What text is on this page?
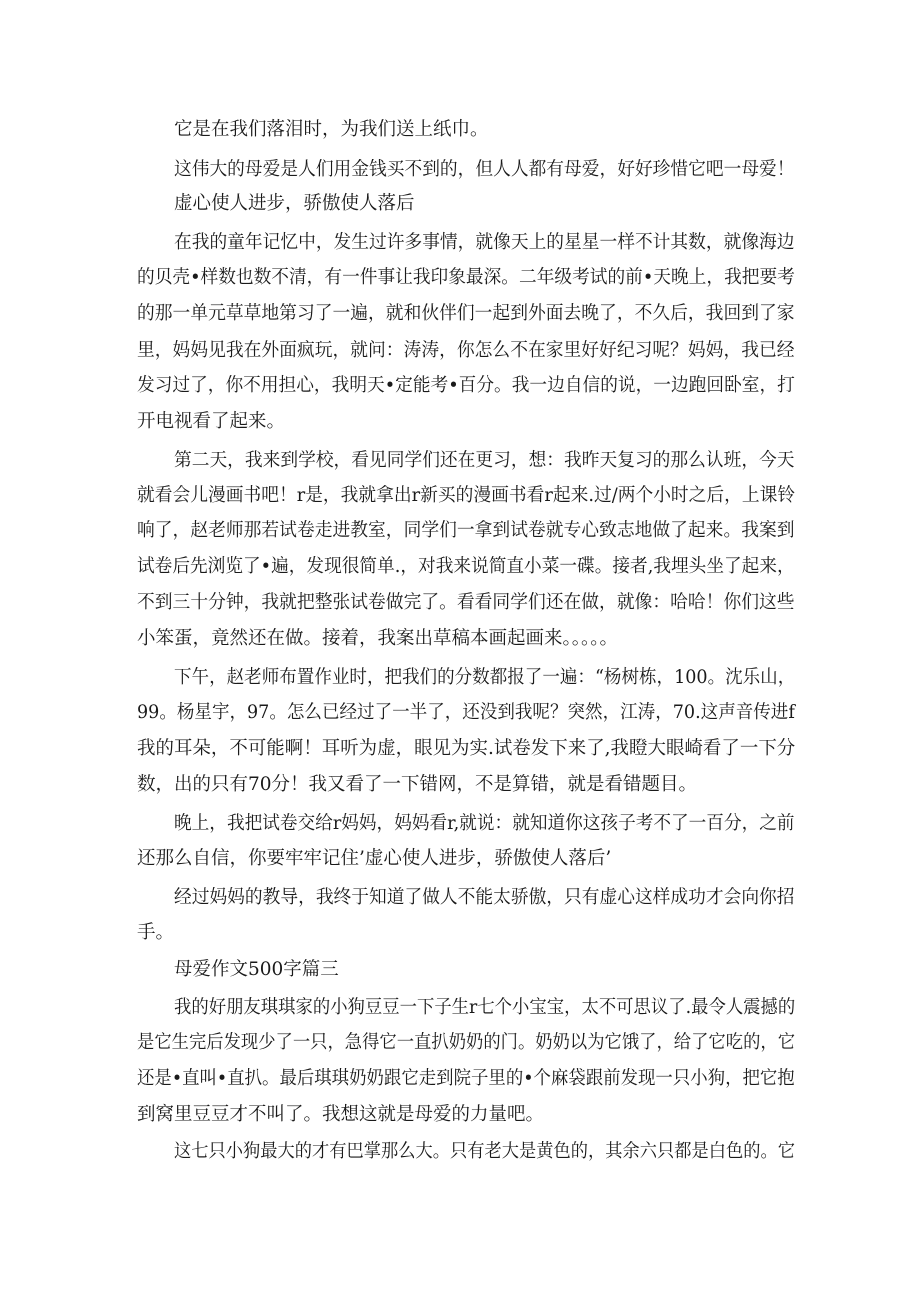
它是在我们落泪时，为我们送上纸巾。
这伟大的母爱是人们用金钱买不到的，但人人都有母爱，好好珍惜它吧一母爱！
虚心使人进步，骄傲使人落后
在我的童年记忆中，发生过许多事情，就像天上的星星一样不计其数，就像海边
的贝壳•样数也数不清，有一件事让我印象最深。二年级考试的前•天晚上，我把要考
的那一单元草草地第习了一遍，就和伙伴们一起到外面去晚了，不久后，我回到了家
里，妈妈见我在外面疯玩，就问：涛涛，你怎么不在家里好好纪习呢？妈妈，我已经
发习过了，你不用担心，我明天•定能考•百分。我一边自信的说，一边跑回卧室，打
开电视看了起来。
第二天，我来到学校，看见同学们还在更习，想：我昨天复习的那么认班，今天
就看会儿漫画书吧！r是，我就拿出r新买的漫画书看r起来.过/两个小时之后，上课铃
响了，赵老师那若试卷走进教室，同学们一拿到试卷就专心致志地做了起来。我案到
试卷后先浏览了•遍，发现很简单.，对我来说简直小菜一碟。接者,我埋头坐了起来，
不到三十分钟，我就把整张试卷做完了。看看同学们还在做，就像：哈哈！你们这些
小笨蛋，竟然还在做。接着，我案出草稿本画起画来。。。。。
下午，赵老师布置作业时，把我们的分数都报了一遍：“杨树栋，100。沈乐山，
99。杨星宇，97。怎么已经过了一半了，还没到我呢？突然，江涛，70.这声音传进f
我的耳朵，不可能啊！耳听为虚，眼见为实.试卷发下来了,我瞪大眼崎看了一下分
数，出的只有70分！我又看了一下错网，不是算错，就是看错题目。
晚上，我把试卷交给r妈妈，妈妈看r,就说：就知道你这孩子考不了一百分，之前
还那么自信，你要牢牢记住’虚心使人进步，骄傲使人落后’
经过妈妈的教导，我终于知道了做人不能太骄傲，只有虚心这样成功才会向你招
手。
母爱作文500字篇三
我的好朋友琪琪家的小狗豆豆一下子生r七个小宝宝，太不可思议了.最令人震撼的
是它生完后发现少了一只，急得它一直扒奶奶的门。奶奶以为它饿了，给了它吃的，它
还是•直叫•直扒。最后琪琪奶奶跟它走到院子里的•个麻袋跟前发现一只小狗，把它抱
到窝里豆豆才不叫了。我想这就是母爱的力量吧。
这七只小狗最大的才有巴掌那么大。只有老大是黄色的，其余六只都是白色的。它
